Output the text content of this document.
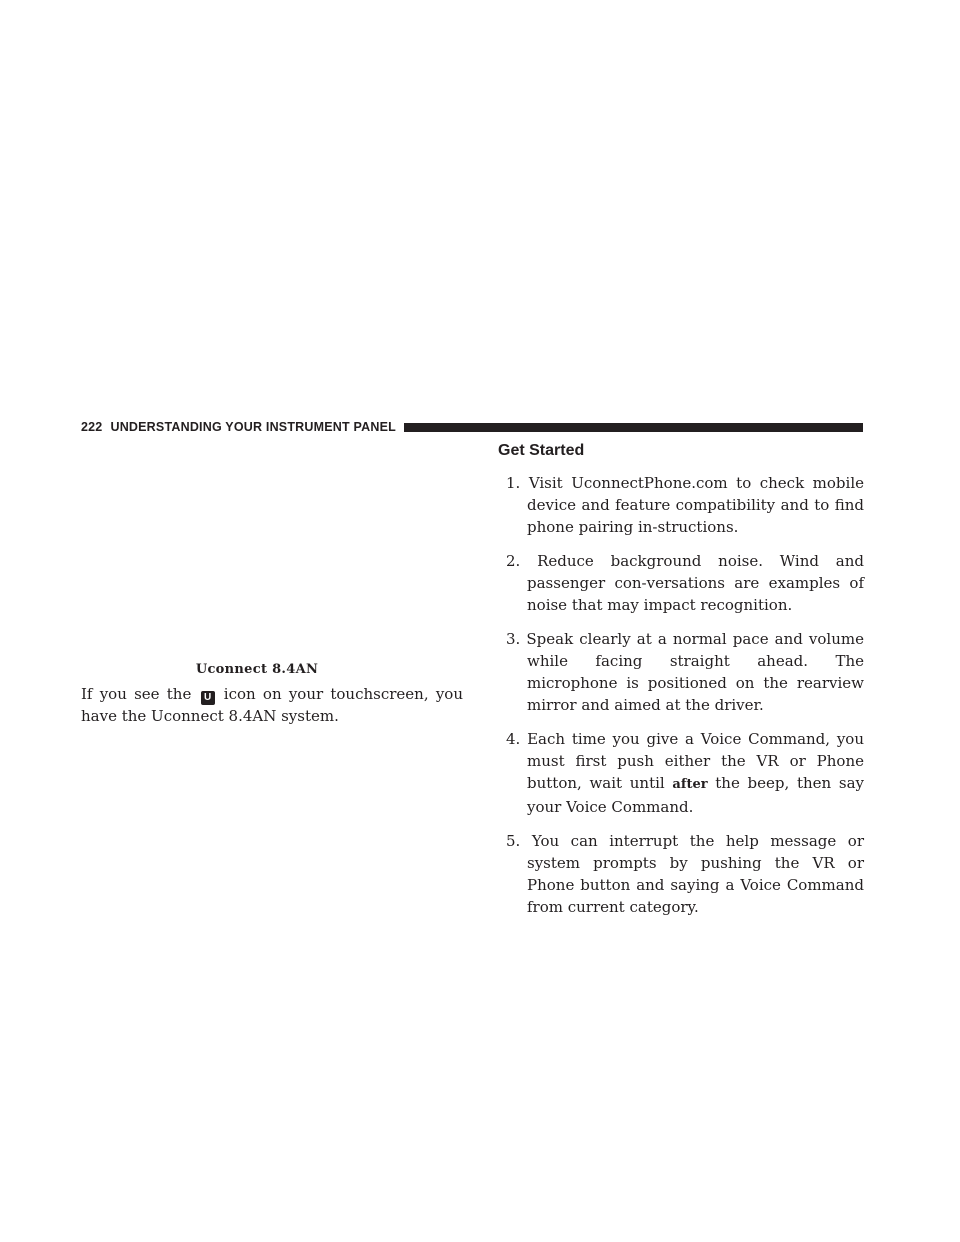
222 UNDERSTANDING YOUR INSTRUMENT PANEL
Uconnect 8.4AN

If you see the U icon on your touchscreen, you have the Uconnect 8.4AN system.

Get Started
1. Visit UconnectPhone.com to check mobile device and feature compatibility and to find phone pairing in-structions.
2. Reduce background noise. Wind and passenger con-versations are examples of noise that may impact recognition.
3. Speak clearly at a normal pace and volume while facing straight ahead. The microphone is positioned on the rearview mirror and aimed at the driver.
4. Each time you give a Voice Command, you must first push either the VR or Phone button, wait until after the beep, then say your Voice Command.
5. You can interrupt the help message or system prompts by pushing the VR or Phone button and saying a Voice Command from current category.
